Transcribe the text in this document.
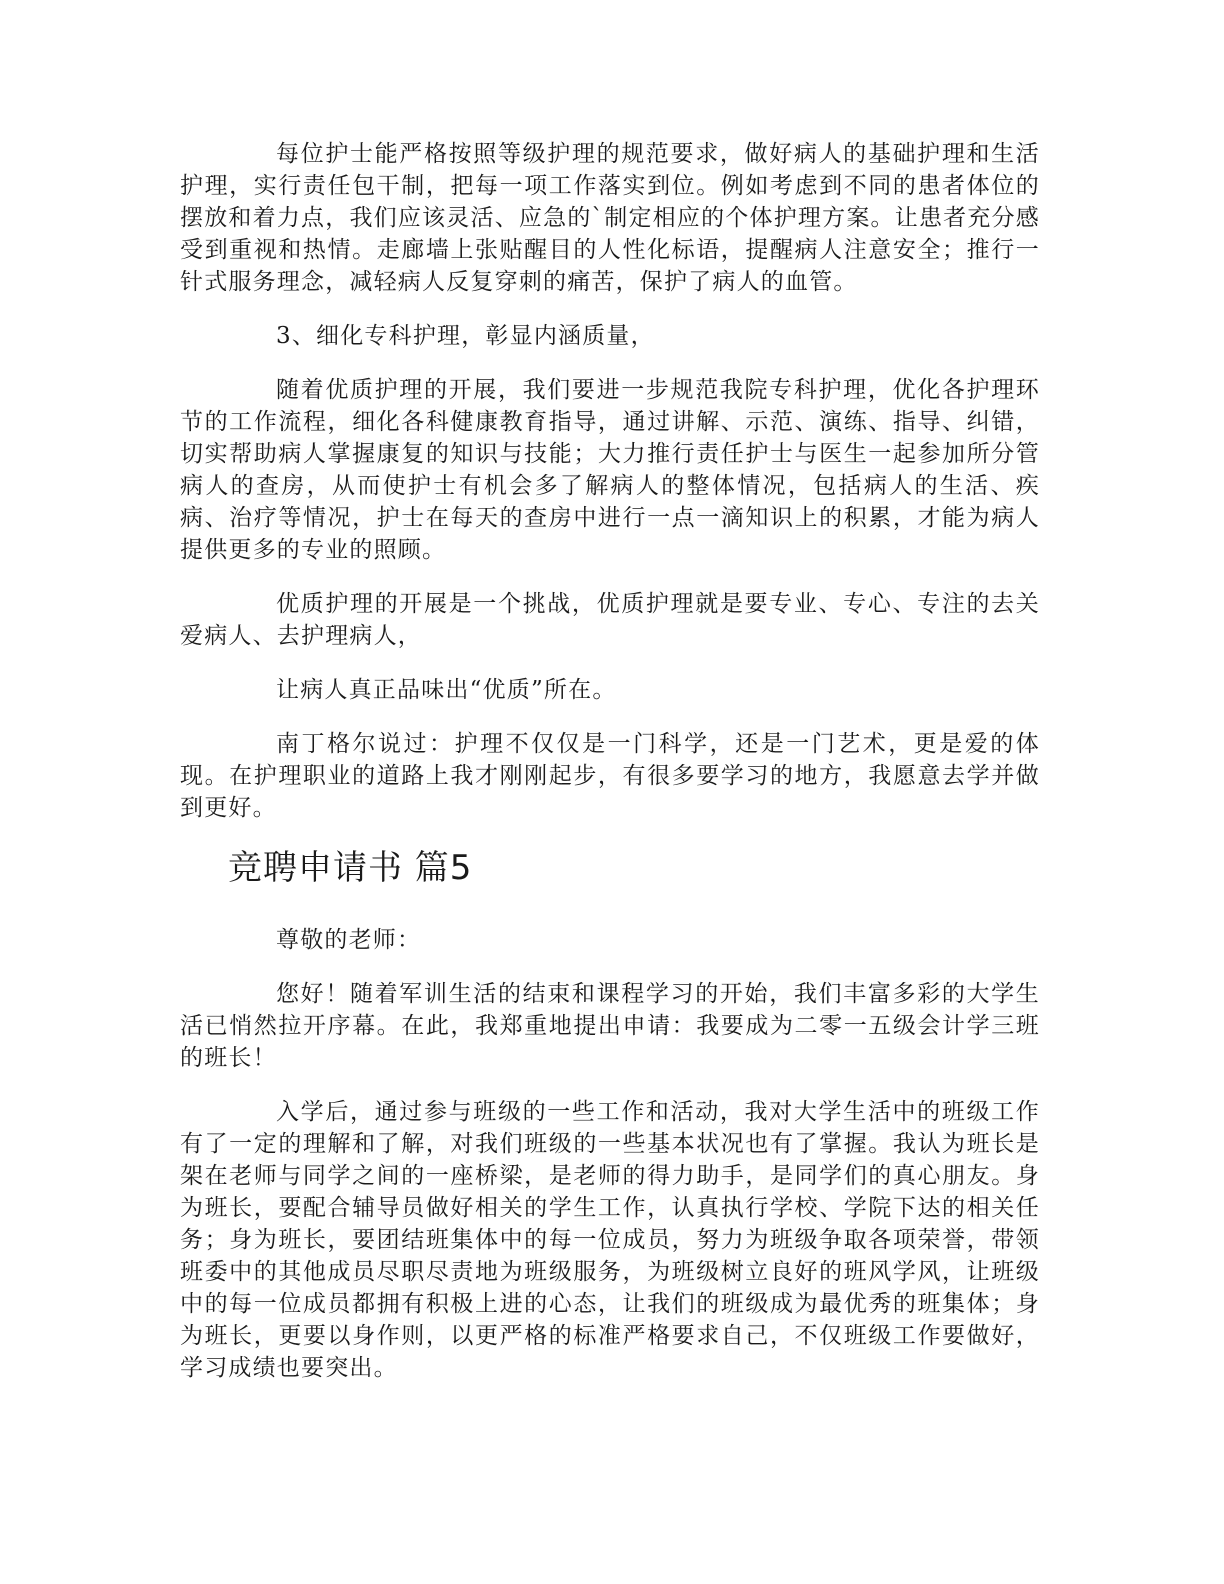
每位护士能严格按照等级护理的规范要求，做好病人的基础护理和生活护理，实行责任包干制，把每一项工作落实到位。例如考虑到不同的患者体位的摆放和着力点，我们应该灵活、应急的`制定相应的个体护理方案。让患者充分感受到重视和热情。走廊墙上张贴醒目的人性化标语，提醒病人注意安全；推行一针式服务理念，减轻病人反复穿刺的痛苦，保护了病人的血管。

3、细化专科护理，彰显内涵质量，

随着优质护理的开展，我们要进一步规范我院专科护理，优化各护理环节的工作流程，细化各科健康教育指导，通过讲解、示范、演练、指导、纠错，切实帮助病人掌握康复的知识与技能；大力推行责任护士与医生一起参加所分管病人的查房，从而使护士有机会多了解病人的整体情况，包括病人的生活、疾病、治疗等情况，护士在每天的查房中进行一点一滴知识上的积累，才能为病人提供更多的专业的照顾。

优质护理的开展是一个挑战，优质护理就是要专业、专心、专注的去关爱病人、去护理病人，

让病人真正品味出“优质”所在。

南丁格尔说过：护理不仅仅是一门科学，还是一门艺术，更是爱的体现。在护理职业的道路上我才刚刚起步，有很多要学习的地方，我愿意去学并做到更好。

竞聘申请书 篇5

尊敬的老师：

您好！随着军训生活的结束和课程学习的开始，我们丰富多彩的大学生活已悄然拉开序幕。在此，我郑重地提出申请：我要成为二零一五级会计学三班的班长！

入学后，通过参与班级的一些工作和活动，我对大学生活中的班级工作有了一定的理解和了解，对我们班级的一些基本状况也有了掌握。我认为班长是架在老师与同学之间的一座桥梁，是老师的得力助手，是同学们的真心朋友。身为班长，要配合辅导员做好相关的学生工作，认真执行学校、学院下达的相关任务；身为班长，要团结班集体中的每一位成员，努力为班级争取各项荣誉，带领班委中的其他成员尽职尽责地为班级服务，为班级树立良好的班风学风，让班级中的每一位成员都拥有积极上进的心态，让我们的班级成为最优秀的班集体；身为班长，更要以身作则，以更严格的标准严格要求自己，不仅班级工作要做好，学习成绩也要突出。
